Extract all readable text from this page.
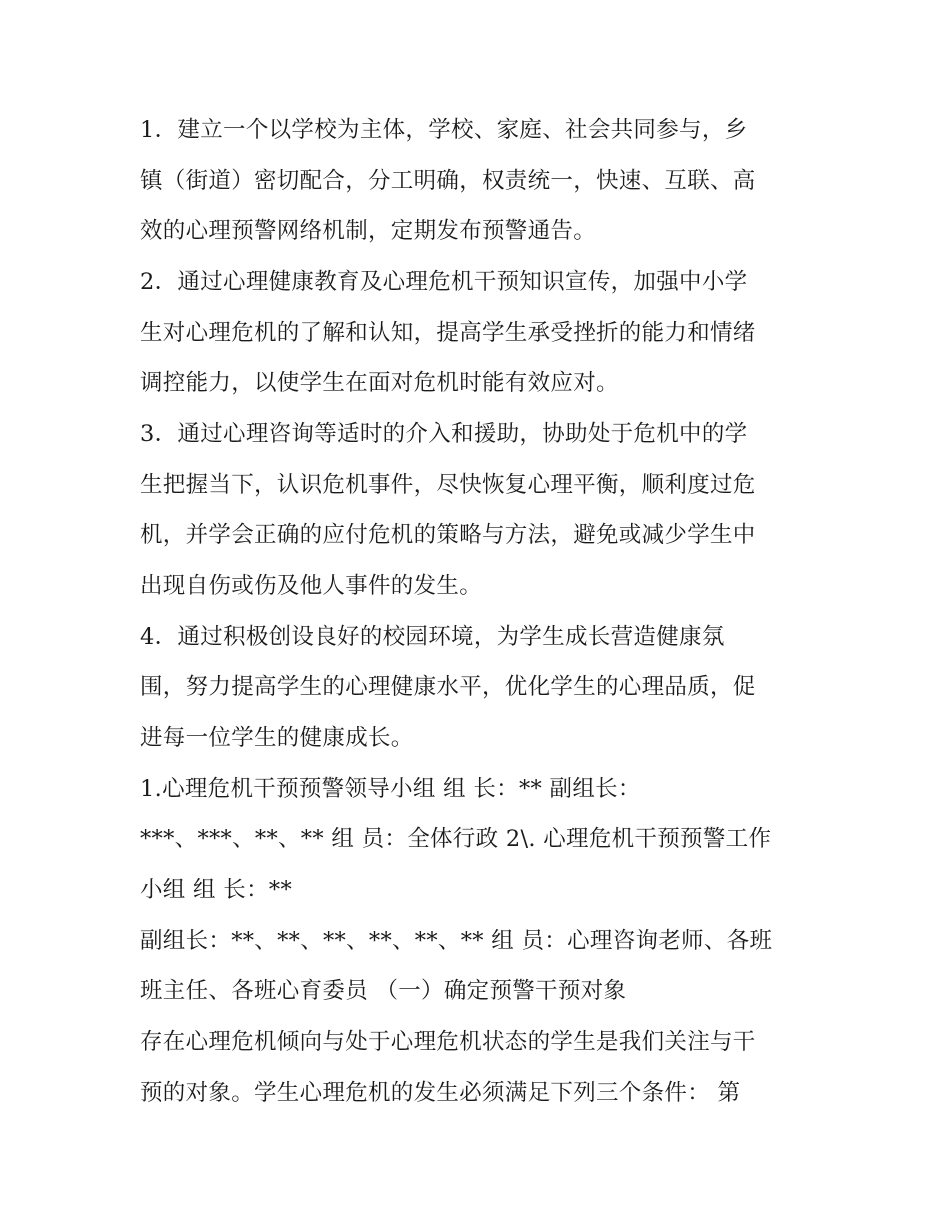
1．建立一个以学校为主体，学校、家庭、社会共同参与，乡
镇（街道）密切配合，分工明确，权责统一，快速、互联、高
效的心理预警网络机制，定期发布预警通告。
2．通过心理健康教育及心理危机干预知识宣传，加强中小学
生对心理危机的了解和认知，提高学生承受挫折的能力和情绪
调控能力，以使学生在面对危机时能有效应对。
3．通过心理咨询等适时的介入和援助，协助处于危机中的学
生把握当下，认识危机事件，尽快恢复心理平衡，顺利度过危
机，并学会正确的应付危机的策略与方法，避免或减少学生中
出现自伤或伤及他人事件的发生。
4．通过积极创设良好的校园环境，为学生成长营造健康氛
围，努力提高学生的心理健康水平，优化学生的心理品质，促
进每一位学生的健康成长。
1.心理危机干预预警领导小组 组 长：** 副组长：
***、***、**、** 组 员：全体行政 2\. 心理危机干预预警工作
小组 组 长：**
副组长：**、**、**、**、**、** 组 员：心理咨询老师、各班
班主任、各班心育委员 （一）确定预警干预对象
存在心理危机倾向与处于心理危机状态的学生是我们关注与干
预的对象。学生心理危机的发生必须满足下列三个条件： 第
